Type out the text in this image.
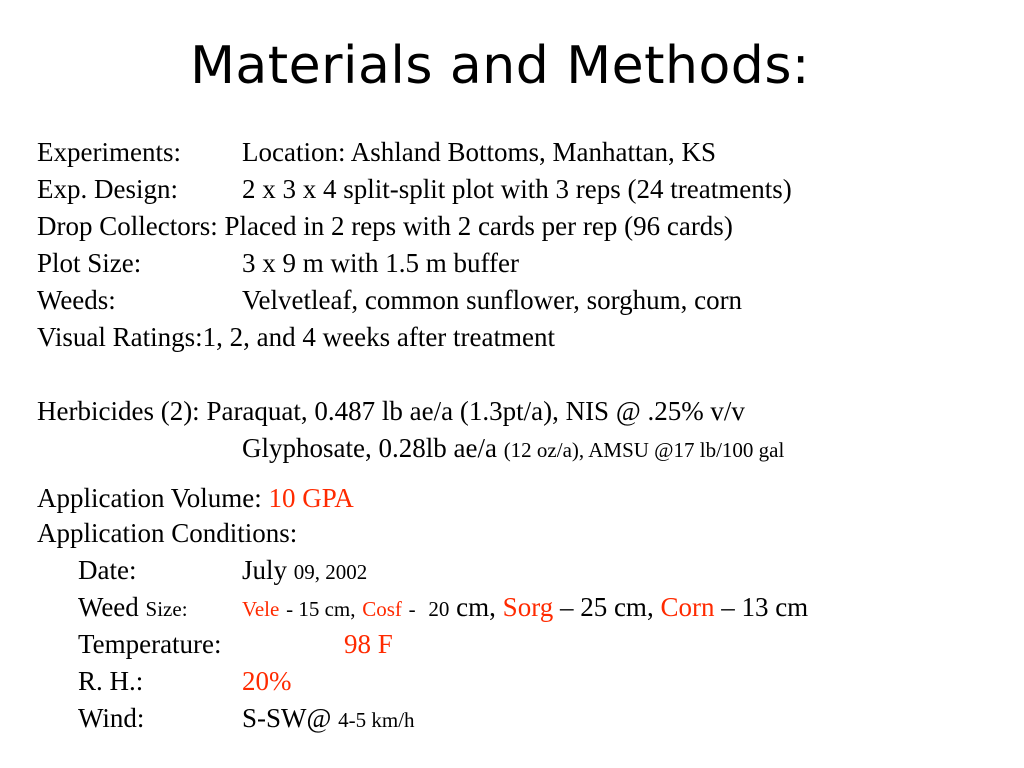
Materials and Methods:
Experiments: Location: Ashland Bottoms, Manhattan, KS
Exp. Design: 2 x 3 x 4 split-split plot with 3 reps (24 treatments)
Drop Collectors: Placed in 2 reps with 2 cards per rep (96 cards)
Plot Size:	3 x 9 m with 1.5 m buffer
Weeds:	Velvetleaf, common sunflower, sorghum, corn
Visual Ratings:1, 2, and 4 weeks after treatment
Herbicides (2): Paraquat, 0.487 lb ae/a (1.3pt/a), NIS @ .25% v/v
Glyphosate, 0.28lb ae/a (12 oz/a), AMSU @17 lb/100 gal
Application Volume: 10 GPA
Application Conditions:
Date:	July 09, 2002
Weed Size:	Vele - 15 cm, Cosf - 20 cm, Sorg – 25 cm, Corn – 13 cm
Temperature:	98 F
R. H.:	20%
Wind:	S-SW@ 4-5 km/h
